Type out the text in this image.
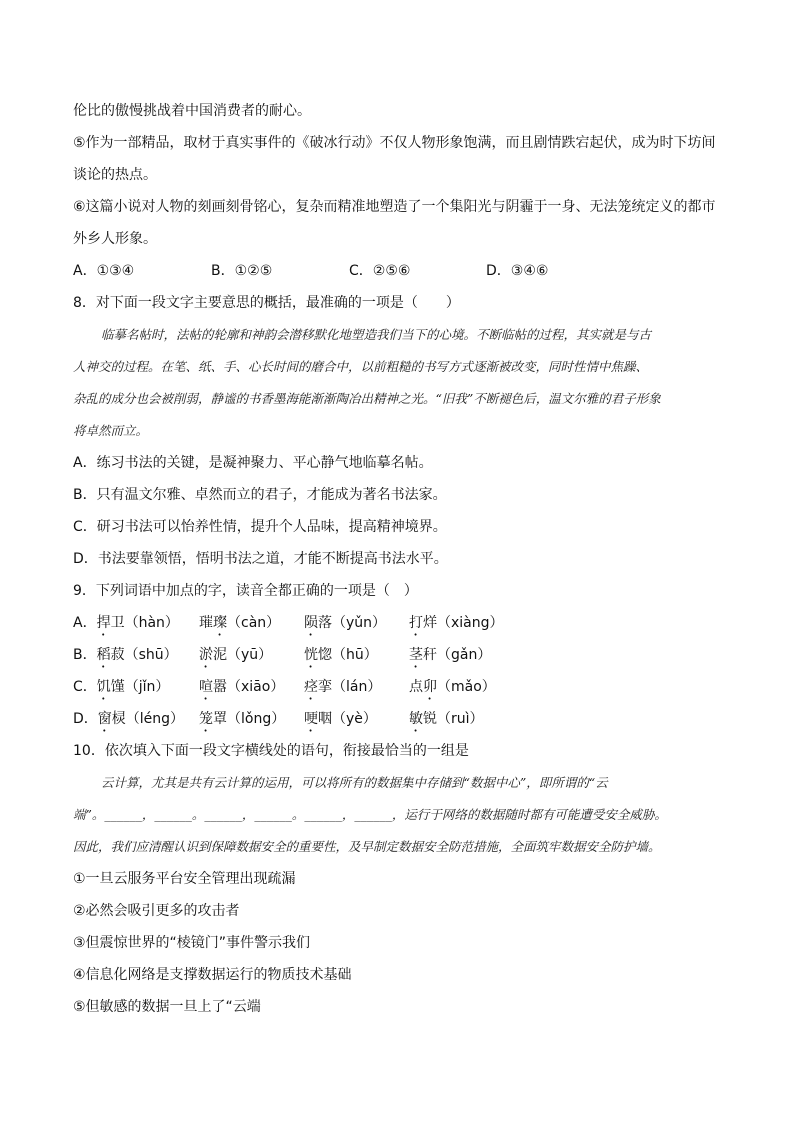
伦比的傲慢挑战着中国消费者的耐心。
⑤作为一部精品，取材于真实事件的《破冰行动》不仅人物形象饱满，而且剧情跌宕起伏，成为时下坊间
谈论的热点。
⑥这篇小说对人物的刻画刻骨铭心，复杂而精准地塑造了一个集阳光与阴霾于一身、无法笼统定义的都市
外乡人形象。
A．①③④	B．①②⑤	C．②⑤⑥	D．③④⑥
8．对下面一段文字主要意思的概括，最准确的一项是（　　）
临摹名帖时，法帖的轮廓和神韵会潜移默化地塑造我们当下的心境。不断临帖的过程，其实就是与古
人神交的过程。在笔、纸、手、心长时间的磨合中，以前粗糙的书写方式逐渐被改变，同时性情中焦躁、
杂乱的成分也会被削弱，静谧的书香墨海能渐渐陶冶出精神之光。“旧我”不断褪色后，温文尔雅的君子形象
将卓然而立。
A．练习书法的关键，是凝神聚力、平心静气地临摹名帖。
B．只有温文尔雅、卓然而立的君子，才能成为著名书法家。
C．研习书法可以怡养性情，提升个人品味，提高精神境界。
D．书法要靠领悟，悟明书法之道，才能不断提高书法水平。
9．下列词语中加点的字，读音全都正确的一项是（　）
A．捍卫（hàn） 璀璨（càn） 陨落（yǔn） 打烊（xiàng）
B．稻菽（shū） 淤泥（yū） 恍惚（hū） 茎秆（gǎn）
C．饥馑（jǐn） 喧嚣（xiāo） 痉挛（lán） 点卯（mǎo）
D．窗棂（léng） 笼罩（lǒng） 哽咽（yè） 敏锐（ruì）
10．依次填入下面一段文字横线处的语句，衔接最恰当的一组是
云计算，尤其是共有云计算的运用，可以将所有的数据集中存储到“数据中心”，即所谓的“云
端”。______，______。______，______。______，______，运行于网络的数据随时都有可能遭受安全威胁。
因此，我们应清醒认识到保障数据安全的重要性，及早制定数据安全防范措施，全面筑牢数据安全防护墙。
①一旦云服务平台安全管理出现疏漏
②必然会吸引更多的攻击者
③但震惊世界的“棱镜门”事件警示我们
④信息化网络是支撑数据运行的物质技术基础
⑤但敏感的数据一旦上了“云端
